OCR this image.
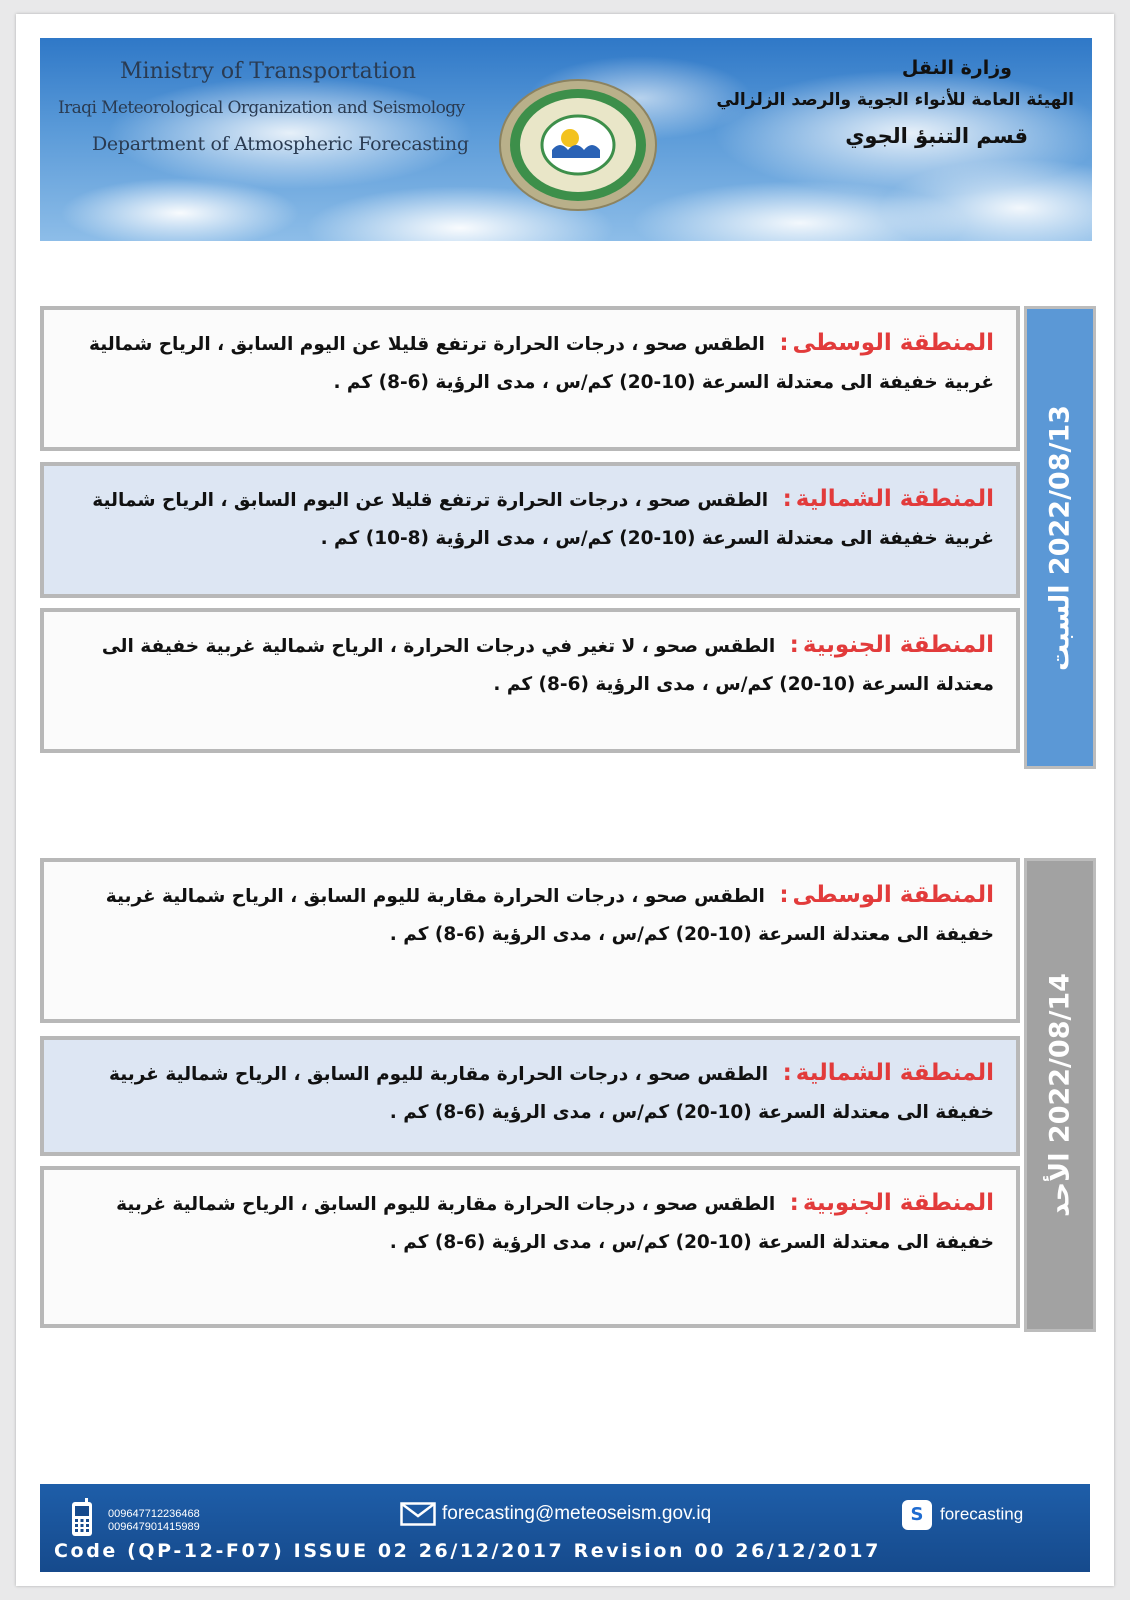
Ministry of Transportation
Iraqi Meteorological Organization and Seismology
Department of Atmospheric Forecasting
وزارة النقل
الهيئة العامة للأنواء الجوية والرصد الزلزالي
قسم التنبؤ الجوي
المنطقة الوسطى: الطقس صحو ، درجات الحرارة ترتفع قليلا عن اليوم السابق ، الرياح شمالية غربية خفيفة الى معتدلة السرعة (10-20) كم/س ، مدى الرؤية (6-8) كم .
المنطقة الشمالية: الطقس صحو ، درجات الحرارة ترتفع قليلا عن اليوم السابق ، الرياح شمالية غربية خفيفة الى معتدلة السرعة (10-20) كم/س ، مدى الرؤية (8-10) كم .
المنطقة الجنوبية: الطقس صحو ، لا تغير في درجات الحرارة ، الرياح شمالية غربية خفيفة الى معتدلة السرعة (10-20) كم/س ، مدى الرؤية (6-8) كم .
2022/08/13 السبت
المنطقة الوسطى: الطقس صحو ، درجات الحرارة مقاربة لليوم السابق ، الرياح شمالية غربية خفيفة الى معتدلة السرعة (10-20) كم/س ، مدى الرؤية (6-8) كم .
المنطقة الشمالية: الطقس صحو ، درجات الحرارة مقاربة لليوم السابق ، الرياح شمالية غربية خفيفة الى معتدلة السرعة (10-20) كم/س ، مدى الرؤية (6-8) كم .
المنطقة الجنوبية: الطقس صحو ، درجات الحرارة مقاربة لليوم السابق ، الرياح شمالية غربية خفيفة الى معتدلة السرعة (10-20) كم/س ، مدى الرؤية (6-8) كم .
2022/08/14 الأحد
009647712236468
009647901415989
forecasting@meteoseism.gov.iq	S forecasting
Code (QP-12-F07) ISSUE 02 26/12/2017 Revision 00 26/12/2017
